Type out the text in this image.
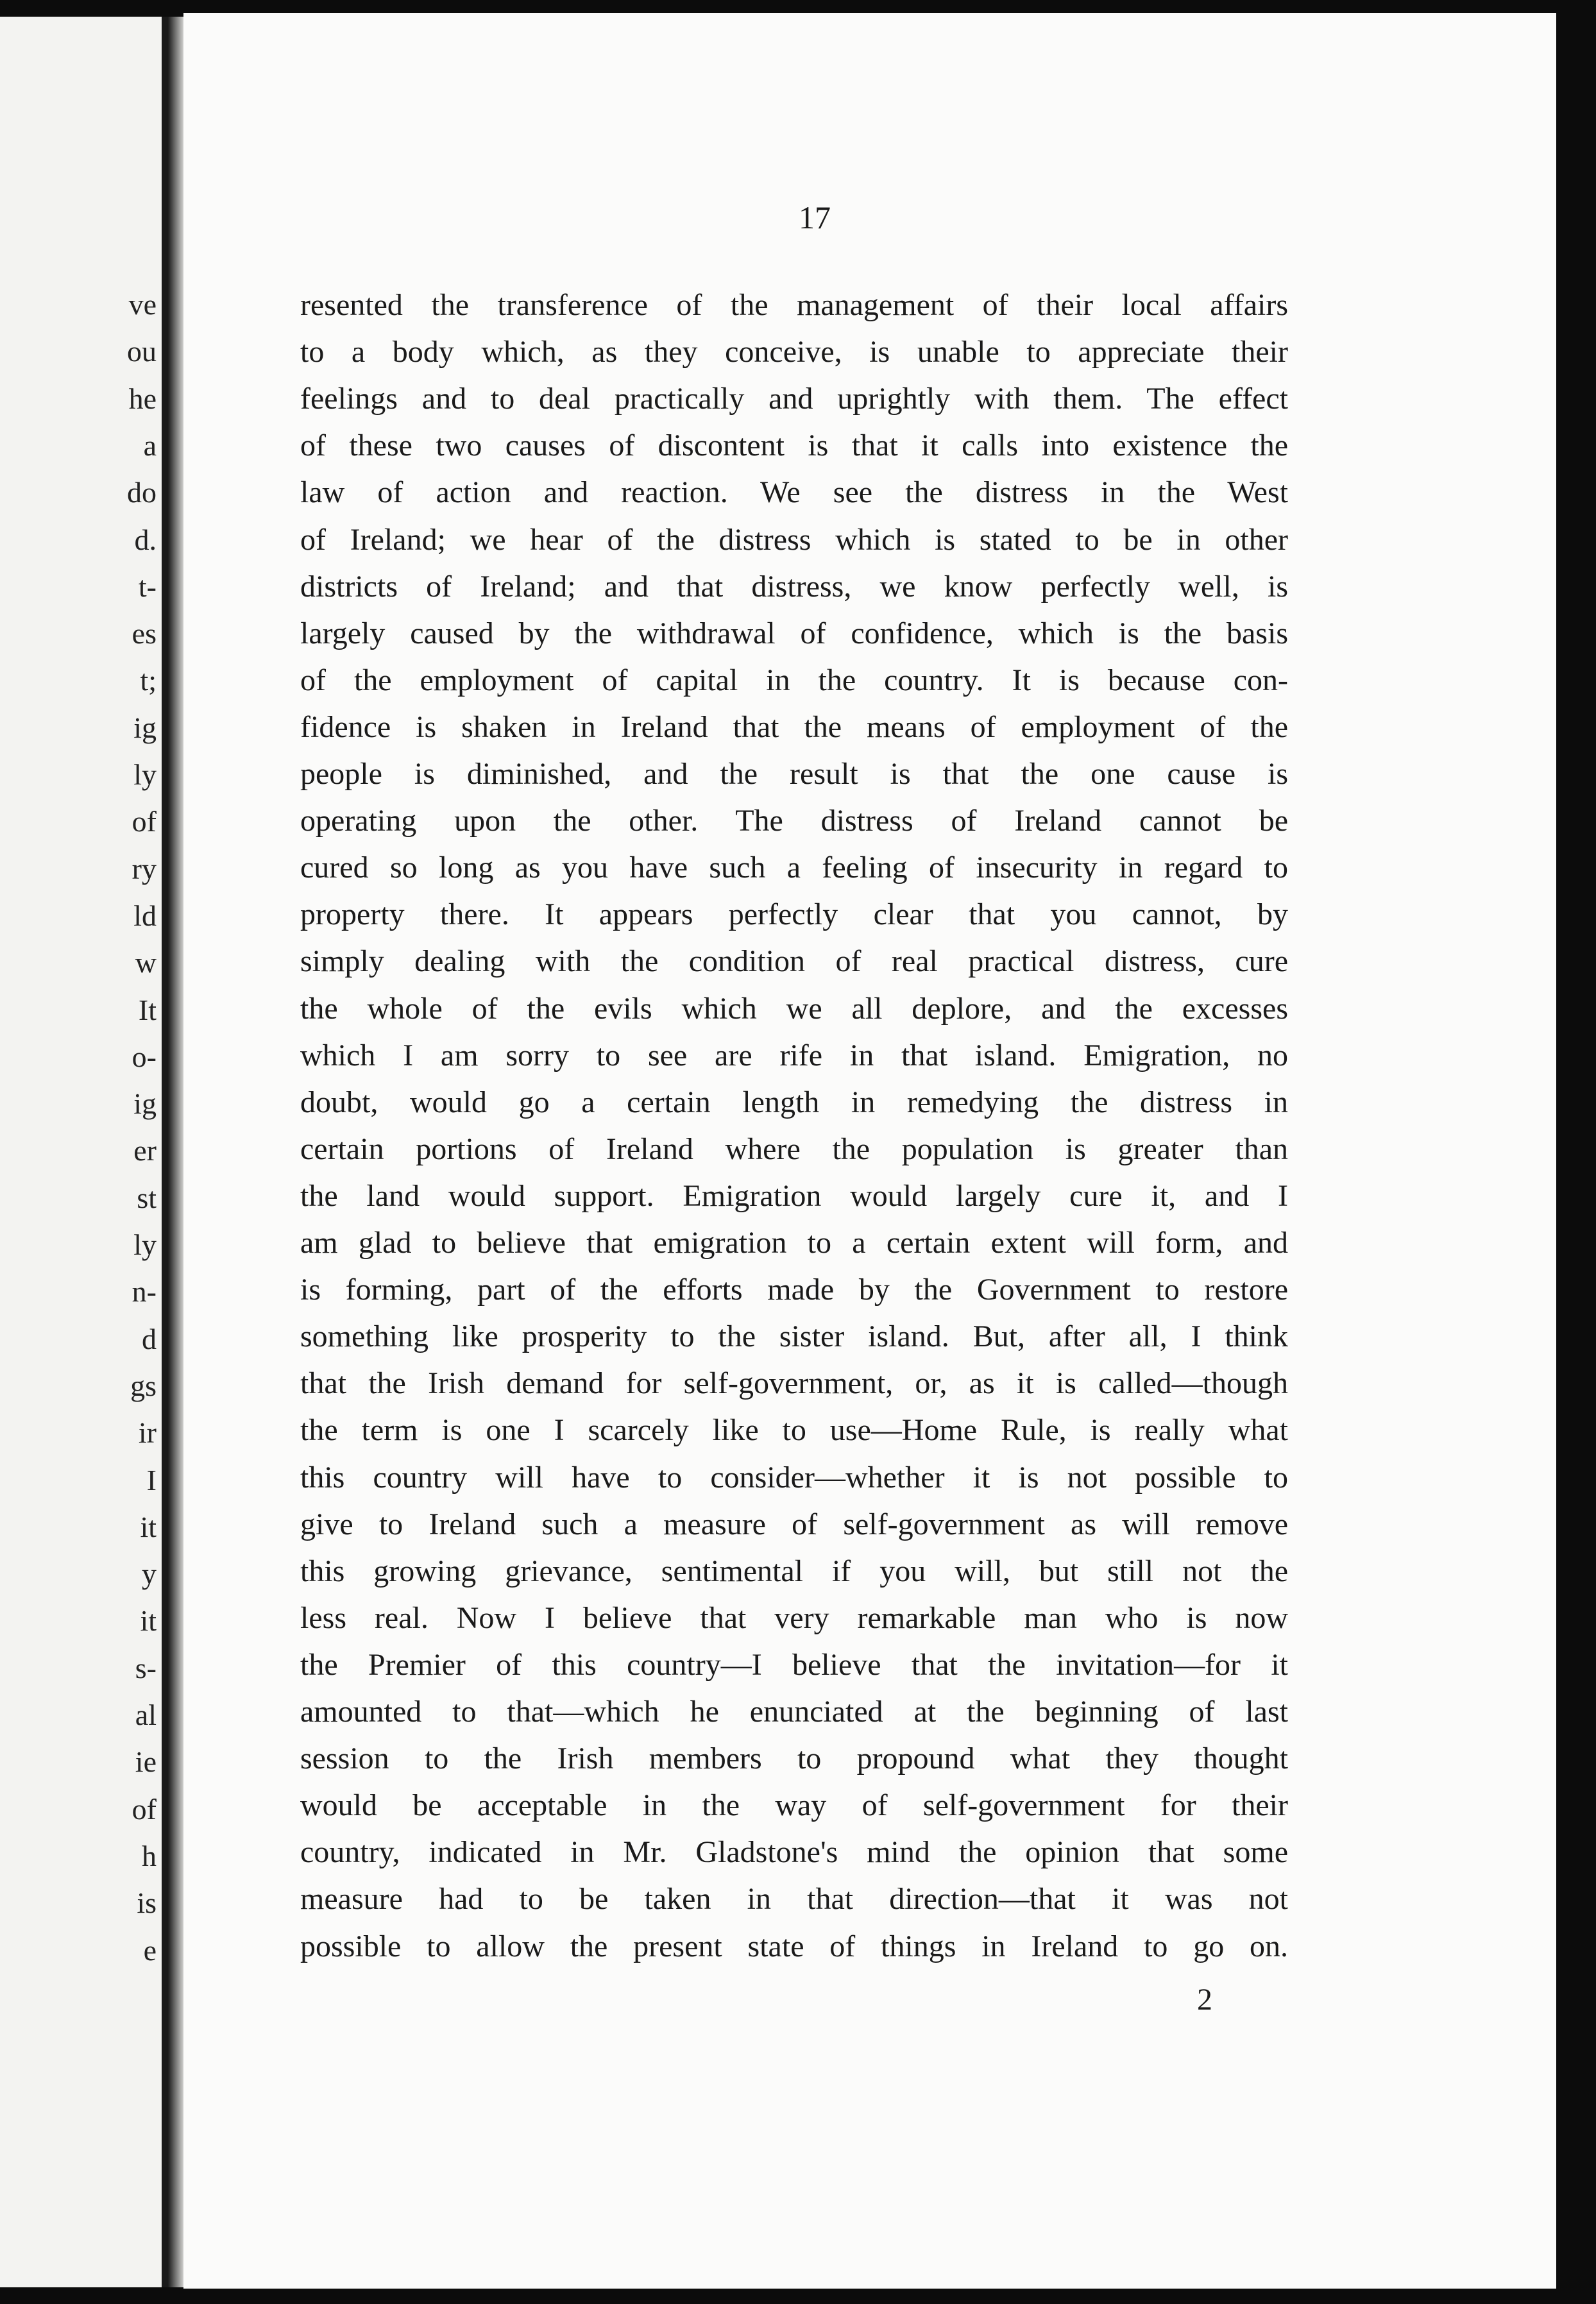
17

ve

ou

he

a

do

d.

t-

es

t;

ig

ly

of

ry

ld

w

It

o-

ig

er

st

ly

n-

d

gs

ir

I

it

y

it

s-

al

ie

of

h

is

e

resented the transference of the management of their local affairs

to a body which, as they conceive, is unable to appreciate their

feelings and to deal practically and uprightly with them. The effect

of these two causes of discontent is that it calls into existence the

law of action and reaction. We see the distress in the West

of Ireland; we hear of the distress which is stated to be in other

districts of Ireland; and that distress, we know perfectly well, is

largely caused by the withdrawal of confidence, which is the basis

of the employment of capital in the country. It is because con-

fidence is shaken in Ireland that the means of employment of the

people is diminished, and the result is that the one cause is

operating upon the other. The distress of Ireland cannot be

cured so long as you have such a feeling of insecurity in regard to

property there. It appears perfectly clear that you cannot, by

simply dealing with the condition of real practical distress, cure

the whole of the evils which we all deplore, and the excesses

which I am sorry to see are rife in that island. Emigration, no

doubt, would go a certain length in remedying the distress in

certain portions of Ireland where the population is greater than

the land would support. Emigration would largely cure it, and I

am glad to believe that emigration to a certain extent will form, and

is forming, part of the efforts made by the Government to restore

something like prosperity to the sister island. But, after all, I think

that the Irish demand for self-government, or, as it is called—though

the term is one I scarcely like to use—Home Rule, is really what

this country will have to consider—whether it is not possible to

give to Ireland such a measure of self-government as will remove

this growing grievance, sentimental if you will, but still not the

less real. Now I believe that very remarkable man who is now

the Premier of this country—I believe that the invitation—for it

amounted to that—which he enunciated at the beginning of last

session to the Irish members to propound what they thought

would be acceptable in the way of self-government for their

country, indicated in Mr. Gladstone's mind the opinion that some

measure had to be taken in that direction—that it was not

possible to allow the present state of things in Ireland to go on.

2
